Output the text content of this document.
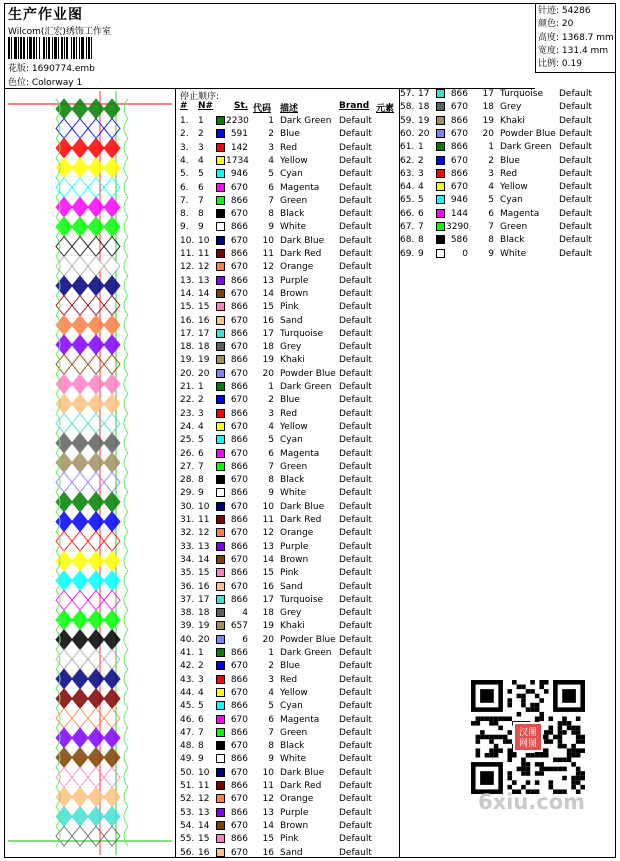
生产作业图
Wilcom(汇宏)绣饰工作室
花版: 1690774.emb
色位: Colorway 1
针迹: 54286
颜色: 20
高度: 1368.7 mm
宽度: 131.4 mm
比例: 0.19
停止顺序:
# N# St. 代码 描述	Brand 元素
1. 1 2230	1 Dark Green Default
2. 2	591	2 Blue	Default
3. 3	142	3 Red	Default
4. 4 1734	4 Yellow	Default
5. 5	946	5 Cyan	Default
6. 6	670	6 Magenta Default
7. 7	866	7 Green	Default
8. 8	670	8 Black	Default
9. 9	866	9 White	Default
10. 10	670	10 Dark Blue Default
11. 11	866	11 Dark Red Default
12. 12	670	12 Orange	Default
13. 13	866	13 Purple	Default
14. 14	670	14 Brown	Default
15. 15	866	15 Pink	Default
16. 16	670	16 Sand	Default
17. 17	866	17 Turquoise Default
18. 18	670	18 Grey	Default
19. 19	866	19 Khaki	Default
20. 20	670	20 Powder Blue Default
21. 1	866	1 Dark Green Default
22. 2	670	2 Blue	Default
23. 3	866	3 Red	Default
24. 4	670	4 Yellow	Default
25. 5	866	5 Cyan	Default
26. 6	670	6 Magenta Default
27. 7	866	7 Green	Default
28. 8	670	8 Black	Default
29. 9	866	9 White	Default
30. 10	670	10 Dark Blue Default
31. 11	866	11 Dark Red Default
32. 12	670	12 Orange	Default
33. 13	866	13 Purple	Default
34. 14	670	14 Brown	Default
35. 15	866	15 Pink	Default
36. 16	670	16 Sand	Default
37. 17	866	17 Turquoise Default
38. 18	4	18 Grey	Default
39. 19	657	19 Khaki	Default
40. 20	6	20 Powder Blue Default
41. 1	866	1 Dark Green Default
42. 2	670	2 Blue	Default
43. 3	866	3 Red	Default
44. 4	670	4 Yellow	Default
45. 5	866	5 Cyan	Default
46. 6	670	6 Magenta Default
47. 7	866	7 Green	Default
48. 8	670	8 Black	Default
49. 9	866	9 White	Default
50. 10	670	10 Dark Blue Default
51. 11	866	11 Dark Red Default
52. 12	670	12 Orange	Default
53. 13	866	13 Purple	Default
54. 14	670	14 Brown	Default
55. 15	866	15 Pink	Default
56. 16	670	16 Sand	Default
57. 17	866	17 Turquoise Default
58. 18	670	18 Grey	Default
59. 19	866	19 Khaki	Default
60. 20	670	20 Powder Blue Default
61. 1	866	1 Dark Green Default
62. 2	670	2 Blue	Default
63. 3	866	3 Red	Default
64. 4	670	4 Yellow	Default
65. 5	946	5 Cyan	Default
66. 6	144	6 Magenta Default
67. 7 3290	7 Green	Default
68. 8	586	8 Black	Default
69. 9	0	9 White	Default
汉图
网图
6xiu.com
